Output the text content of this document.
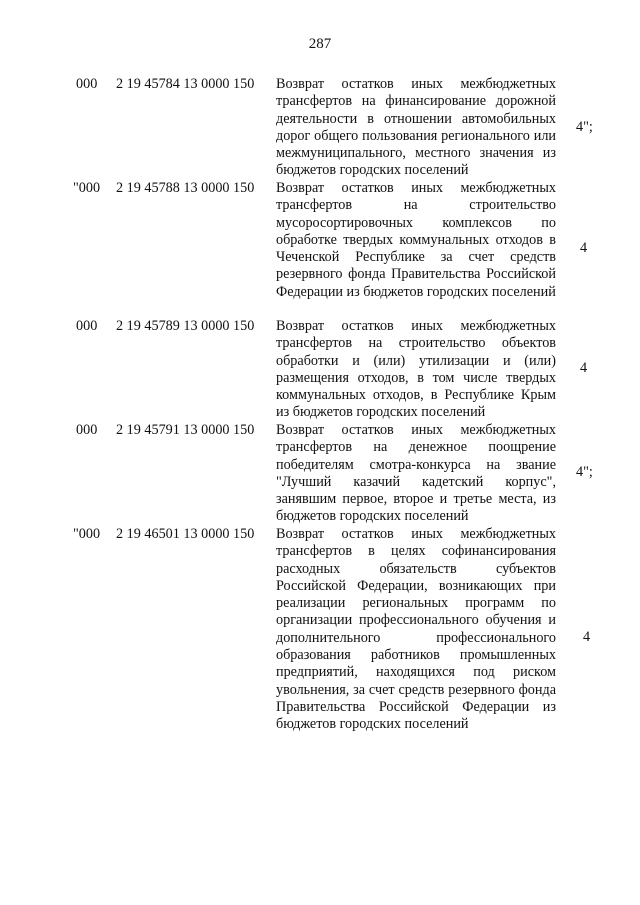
287
000 2 19 45784 13 0000 150 Возврат остатков иных межбюджетных трансфертов на финансирование дорожной деятельности в отношении автомобильных дорог общего пользования регионального или межмуниципального, местного значения из бюджетов городских поселений
4";
"000 2 19 45788 13 0000 150 Возврат остатков иных межбюджетных трансфертов на строительство мусоросортировочных комплексов по обработке твердых коммунальных отходов в Чеченской Республике за счет средств резервного фонда Правительства Российской Федерации из бюджетов городских поселений
4
000 2 19 45789 13 0000 150 Возврат остатков иных межбюджетных трансфертов на строительство объектов обработки и (или) утилизации и (или) размещения отходов, в том числе твердых коммунальных отходов, в Республике Крым из бюджетов городских поселений
4
000 2 19 45791 13 0000 150 Возврат остатков иных межбюджетных трансфертов на денежное поощрение победителям смотра-конкурса на звание "Лучший казачий кадетский корпус", занявшим первое, второе и третье места, из бюджетов городских поселений
4";
"000 2 19 46501 13 0000 150 Возврат остатков иных межбюджетных трансфертов в целях софинансирования расходных обязательств субъектов Российской Федерации, возникающих при реализации региональных программ по организации профессионального обучения и дополнительного профессионального образования работников промышленных предприятий, находящихся под риском увольнения, за счет средств резервного фонда Правительства Российской Федерации из бюджетов городских поселений
4
